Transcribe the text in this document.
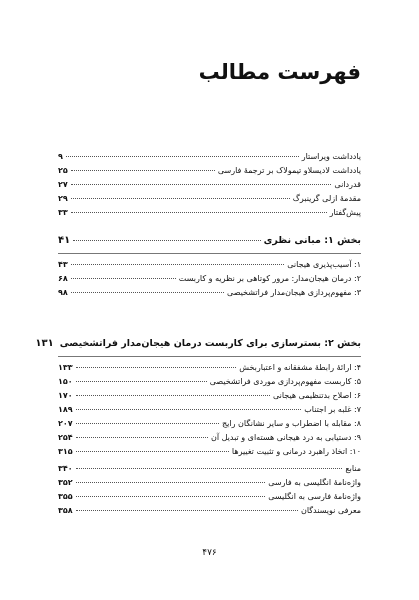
فهرست مطالب
یادداشت ویراستار
۹
یادداشت لادیسلاو تیمولاک بر ترجمۀ فارسی
۲۵
قدردانی
۲۷
مقدمۀ ازلی گرینبرگ
۲۹
پیش‌گفتار
۳۳
بخش ۱: مبانی نظری
۴۱
۱: آسیب‌پذیری هیجانی
۴۳
۲: درمان هیجان‌مدار: مرور کوتاهی بر نظریه و کاربست
۶۸
۳: مفهوم‌پردازی هیجان‌مدار فراتشخیصی
۹۸
بخش ۲: بسترسازی برای کاربست درمان هیجان‌مدار فراتشخیصی
۱۳۱
۴: ارائۀ رابطۀ مشفقانه و اعتباربخش
۱۳۳
۵: کاربست مفهوم‌پردازی موردی فراتشخیصی
۱۵۰
۶: اصلاح بدتنظیمی هیجانی
۱۷۰
۷: غلبه بر اجتناب
۱۸۹
۸: مقابله با اضطراب و سایر نشانگان رایج
۲۰۷
۹: دستیابی به درد هیجانی هسته‌ای و تبدیل آن
۲۵۴
۱۰: اتخاذ راهبرد درمانی و تثبیت تغییرها
۳۱۵
منابع
۳۴۰
واژه‌نامۀ انگلیسی به فارسی
۳۵۲
واژه‌نامۀ فارسی به انگلیسی
۳۵۵
معرفی نویسندگان
۳۵۸
۴۷۶
